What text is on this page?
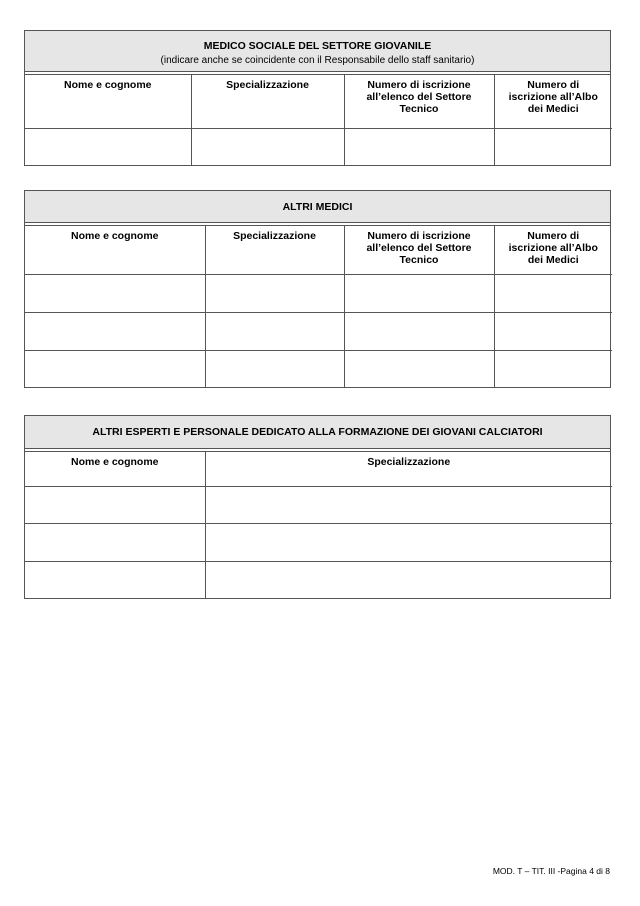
MEDICO SOCIALE DEL SETTORE GIOVANILE
(indicare anche se coincidente con il Responsabile dello staff sanitario)
Nome e cognome	Specializzazione	Numero di iscrizione
all’elenco del Settore
Tecnico	Numero di
iscrizione all’Albo
dei Medici

ALTRI MEDICI
Nome e cognome	Specializzazione	Numero di iscrizione
all’elenco del Settore
Tecnico	Numero di
iscrizione all’Albo
dei Medici

ALTRI ESPERTI E PERSONALE DEDICATO ALLA FORMAZIONE DEI GIOVANI CALCIATORI
Nome e cognome	Specializzazione

MOD. T – TIT. III -Pagina 4 di 8
